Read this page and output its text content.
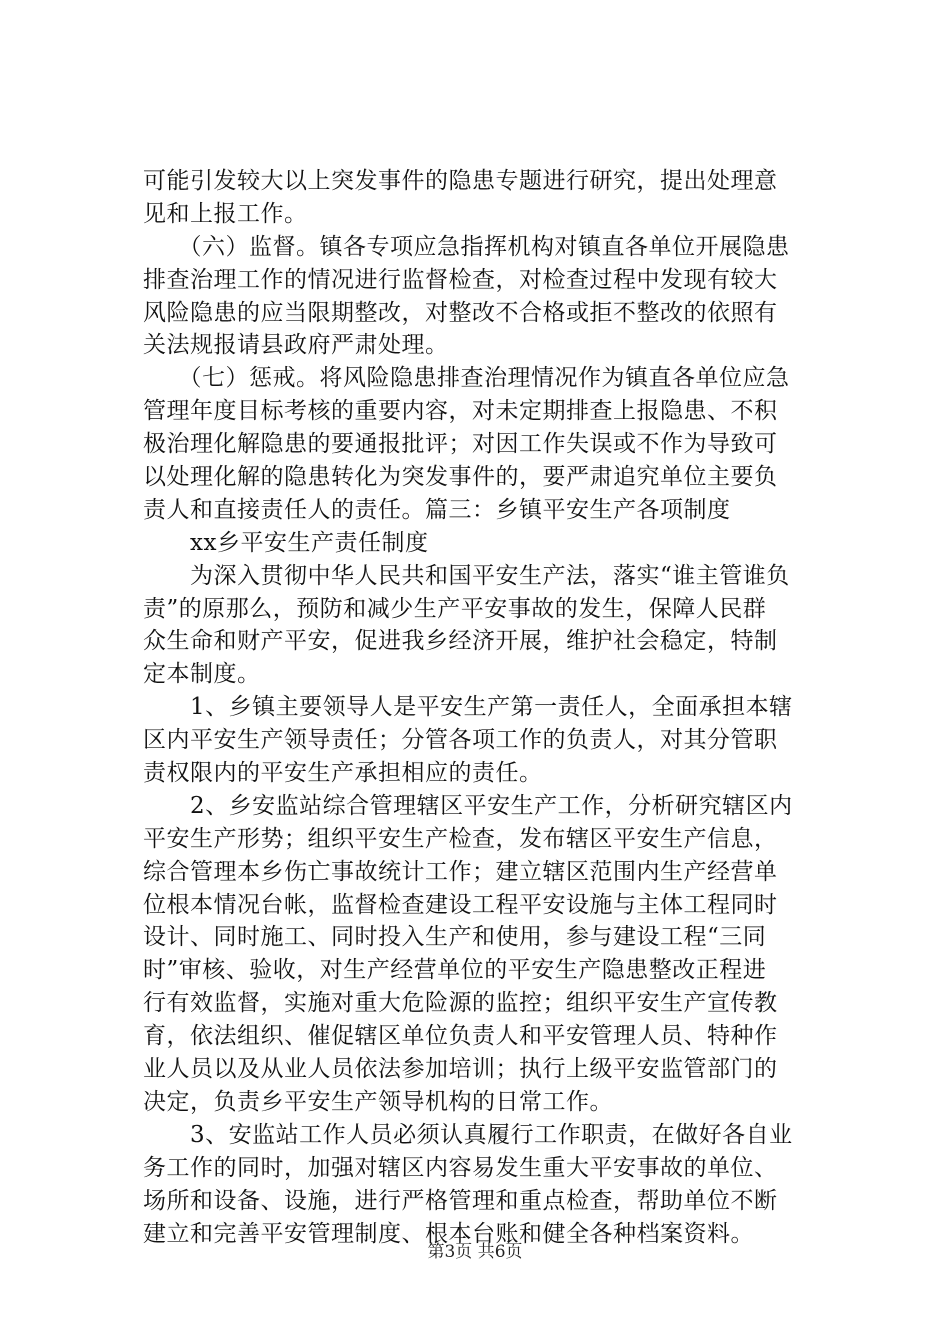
可能引发较大以上突发事件的隐患专题进行研究，提出处理意
见和上报工作。
　　（六）监督。镇各专项应急指挥机构对镇直各单位开展隐患
排查治理工作的情况进行监督检查，对检查过程中发现有较大
风险隐患的应当限期整改，对整改不合格或拒不整改的依照有
关法规报请县政府严肃处理。
　　（七）惩戒。将风险隐患排查治理情况作为镇直各单位应急
管理年度目标考核的重要内容，对未定期排查上报隐患、不积
极治理化解隐患的要通报批评；对因工作失误或不作为导致可
以处理化解的隐患转化为突发事件的，要严肃追究单位主要负
责人和直接责任人的责任。篇三：乡镇平安生产各项制度
　　xx乡平安生产责任制度
　　为深入贯彻中华人民共和国平安生产法，落实“谁主管谁负
责”的原那么，预防和减少生产平安事故的发生，保障人民群
众生命和财产平安，促进我乡经济开展，维护社会稳定，特制
定本制度。
　　1、乡镇主要领导人是平安生产第一责任人，全面承担本辖
区内平安生产领导责任；分管各项工作的负责人，对其分管职
责权限内的平安生产承担相应的责任。
　　2、乡安监站综合管理辖区平安生产工作，分析研究辖区内
平安生产形势；组织平安生产检查，发布辖区平安生产信息，
综合管理本乡伤亡事故统计工作；建立辖区范围内生产经营单
位根本情况台帐，监督检查建设工程平安设施与主体工程同时
设计、同时施工、同时投入生产和使用，参与建设工程“三同
时”审核、验收，对生产经营单位的平安生产隐患整改正程进
行有效监督，实施对重大危险源的监控；组织平安生产宣传教
育，依法组织、催促辖区单位负责人和平安管理人员、特种作
业人员以及从业人员依法参加培训；执行上级平安监管部门的
决定，负责乡平安生产领导机构的日常工作。
　　3、安监站工作人员必须认真履行工作职责，在做好各自业
务工作的同时，加强对辖区内容易发生重大平安事故的单位、
场所和设备、设施，进行严格管理和重点检查，帮助单位不断
建立和完善平安管理制度、根本台账和健全各种档案资料。
第3页 共6页
